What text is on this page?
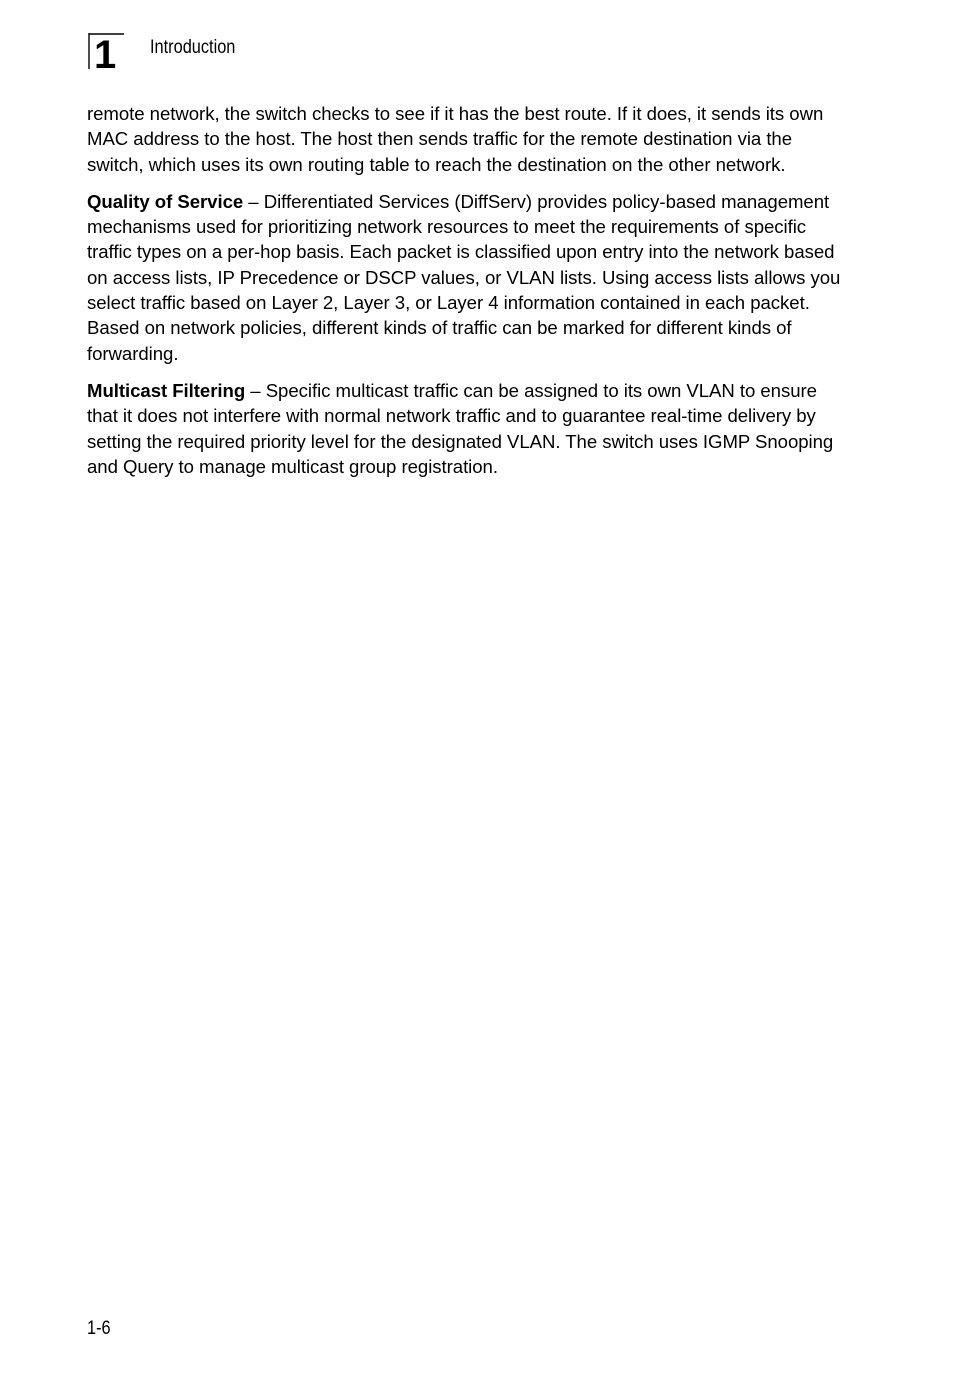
1 Introduction

remote network, the switch checks to see if it has the best route. If it does, it sends its own MAC address to the host. The host then sends traffic for the remote destination via the switch, which uses its own routing table to reach the destination on the other network.

Quality of Service – Differentiated Services (DiffServ) provides policy-based management mechanisms used for prioritizing network resources to meet the requirements of specific traffic types on a per-hop basis. Each packet is classified upon entry into the network based on access lists, IP Precedence or DSCP values, or VLAN lists. Using access lists allows you select traffic based on Layer 2, Layer 3, or Layer 4 information contained in each packet. Based on network policies, different kinds of traffic can be marked for different kinds of forwarding.

Multicast Filtering – Specific multicast traffic can be assigned to its own VLAN to ensure that it does not interfere with normal network traffic and to guarantee real-time delivery by setting the required priority level for the designated VLAN. The switch uses IGMP Snooping and Query to manage multicast group registration.

1-6
